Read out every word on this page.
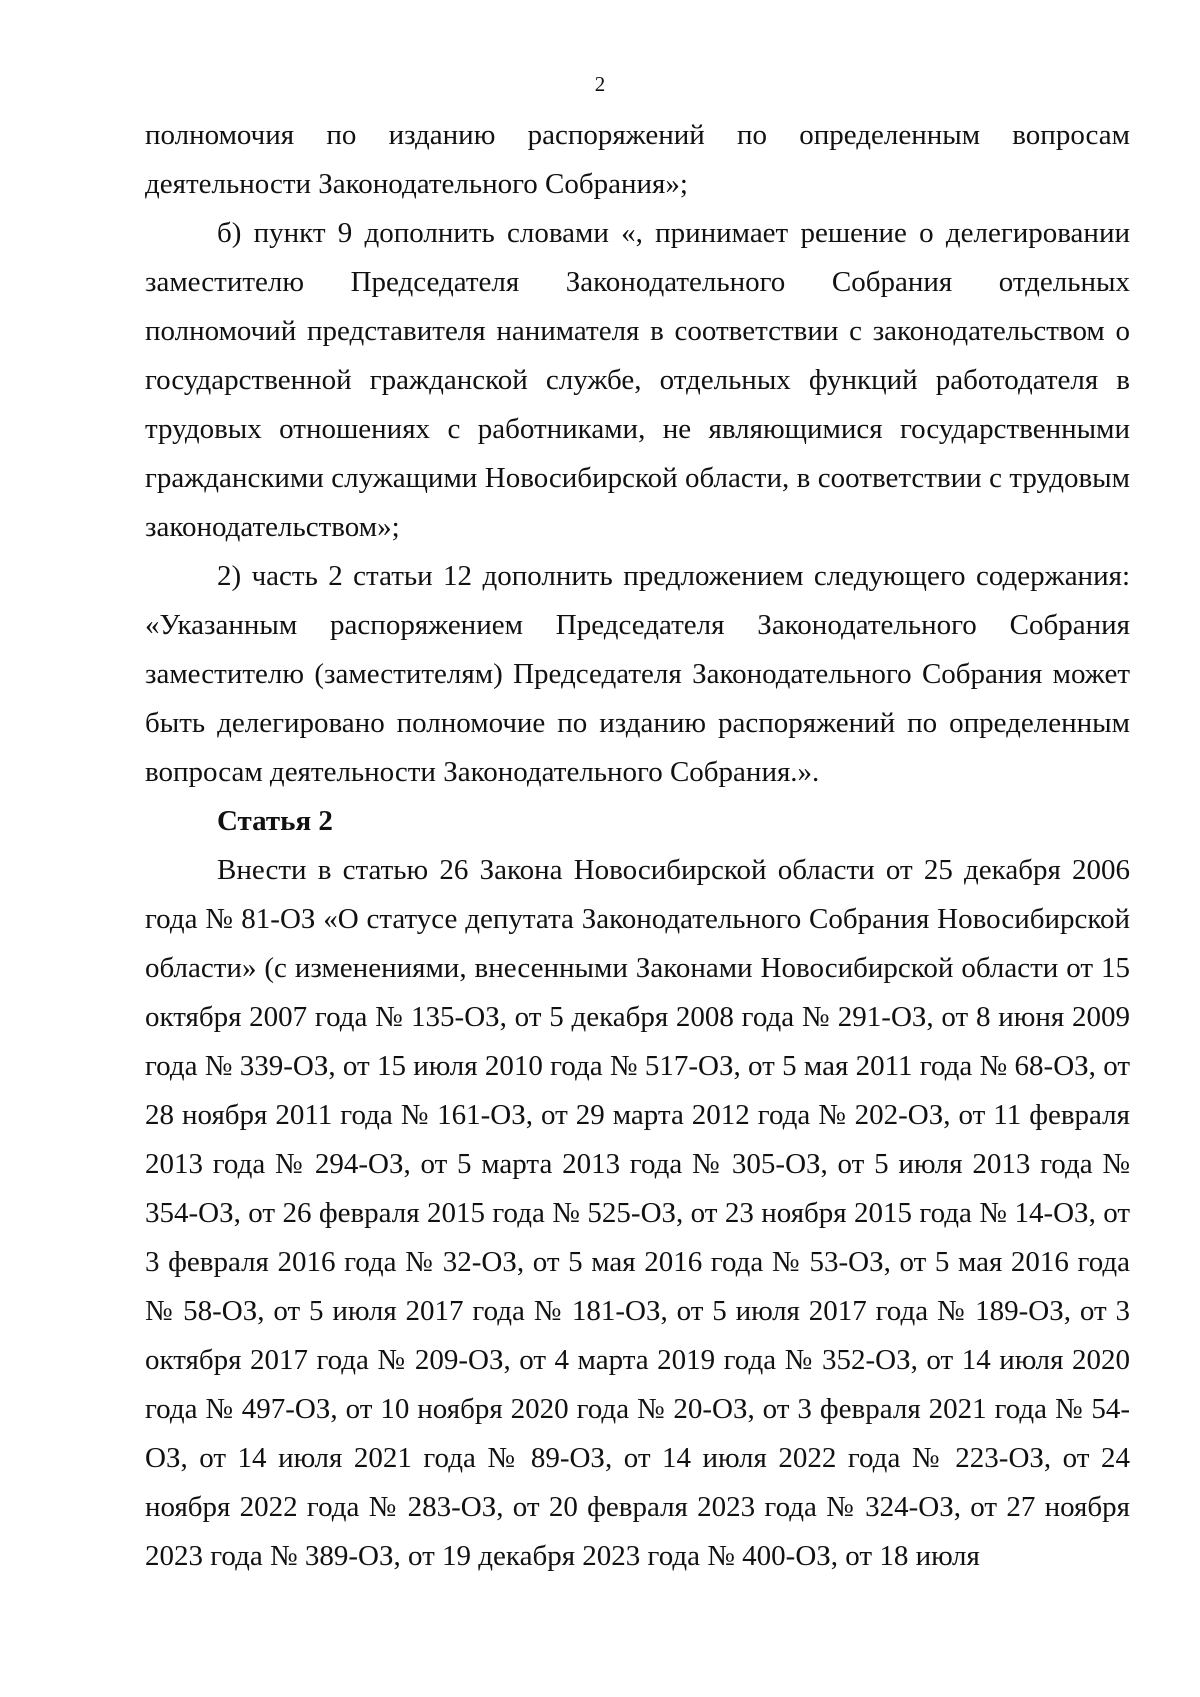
2

полномочия по изданию распоряжений по определенным вопросам деятельности Законодательного Собрания»;

б) пункт 9 дополнить словами «, принимает решение о делегировании заместителю Председателя Законодательного Собрания отдельных полномочий представителя нанимателя в соответствии с законодательством о государственной гражданской службе, отдельных функций работодателя в трудовых отношениях с работниками, не являющимися государственными гражданскими служащими Новосибирской области, в соответствии с трудовым законодательством»;

2) часть 2 статьи 12 дополнить предложением следующего содержания: «Указанным распоряжением Председателя Законодательного Собрания заместителю (заместителям) Председателя Законодательного Собрания может быть делегировано полномочие по изданию распоряжений по определенным вопросам деятельности Законодательного Собрания.».

Статья 2

Внести в статью 26 Закона Новосибирской области от 25 декабря 2006 года № 81-ОЗ «О статусе депутата Законодательного Собрания Новосибирской области» (с изменениями, внесенными Законами Новосибирской области от 15 октября 2007 года № 135-ОЗ, от 5 декабря 2008 года № 291-ОЗ, от 8 июня 2009 года № 339-ОЗ, от 15 июля 2010 года № 517-ОЗ, от 5 мая 2011 года № 68-ОЗ, от 28 ноября 2011 года № 161-ОЗ, от 29 марта 2012 года № 202-ОЗ, от 11 февраля 2013 года № 294-ОЗ, от 5 марта 2013 года № 305-ОЗ, от 5 июля 2013 года № 354-ОЗ, от 26 февраля 2015 года № 525-ОЗ, от 23 ноября 2015 года № 14-ОЗ, от 3 февраля 2016 года № 32-ОЗ, от 5 мая 2016 года № 53-ОЗ, от 5 мая 2016 года № 58-ОЗ, от 5 июля 2017 года № 181-ОЗ, от 5 июля 2017 года № 189-ОЗ, от 3 октября 2017 года № 209-ОЗ, от 4 марта 2019 года № 352-ОЗ, от 14 июля 2020 года № 497-ОЗ, от 10 ноября 2020 года № 20-ОЗ, от 3 февраля 2021 года № 54-ОЗ, от 14 июля 2021 года № 89-ОЗ, от 14 июля 2022 года № 223-ОЗ, от 24 ноября 2022 года № 283-ОЗ, от 20 февраля 2023 года № 324-ОЗ, от 27 ноября 2023 года № 389-ОЗ, от 19 декабря 2023 года № 400-ОЗ, от 18 июля
